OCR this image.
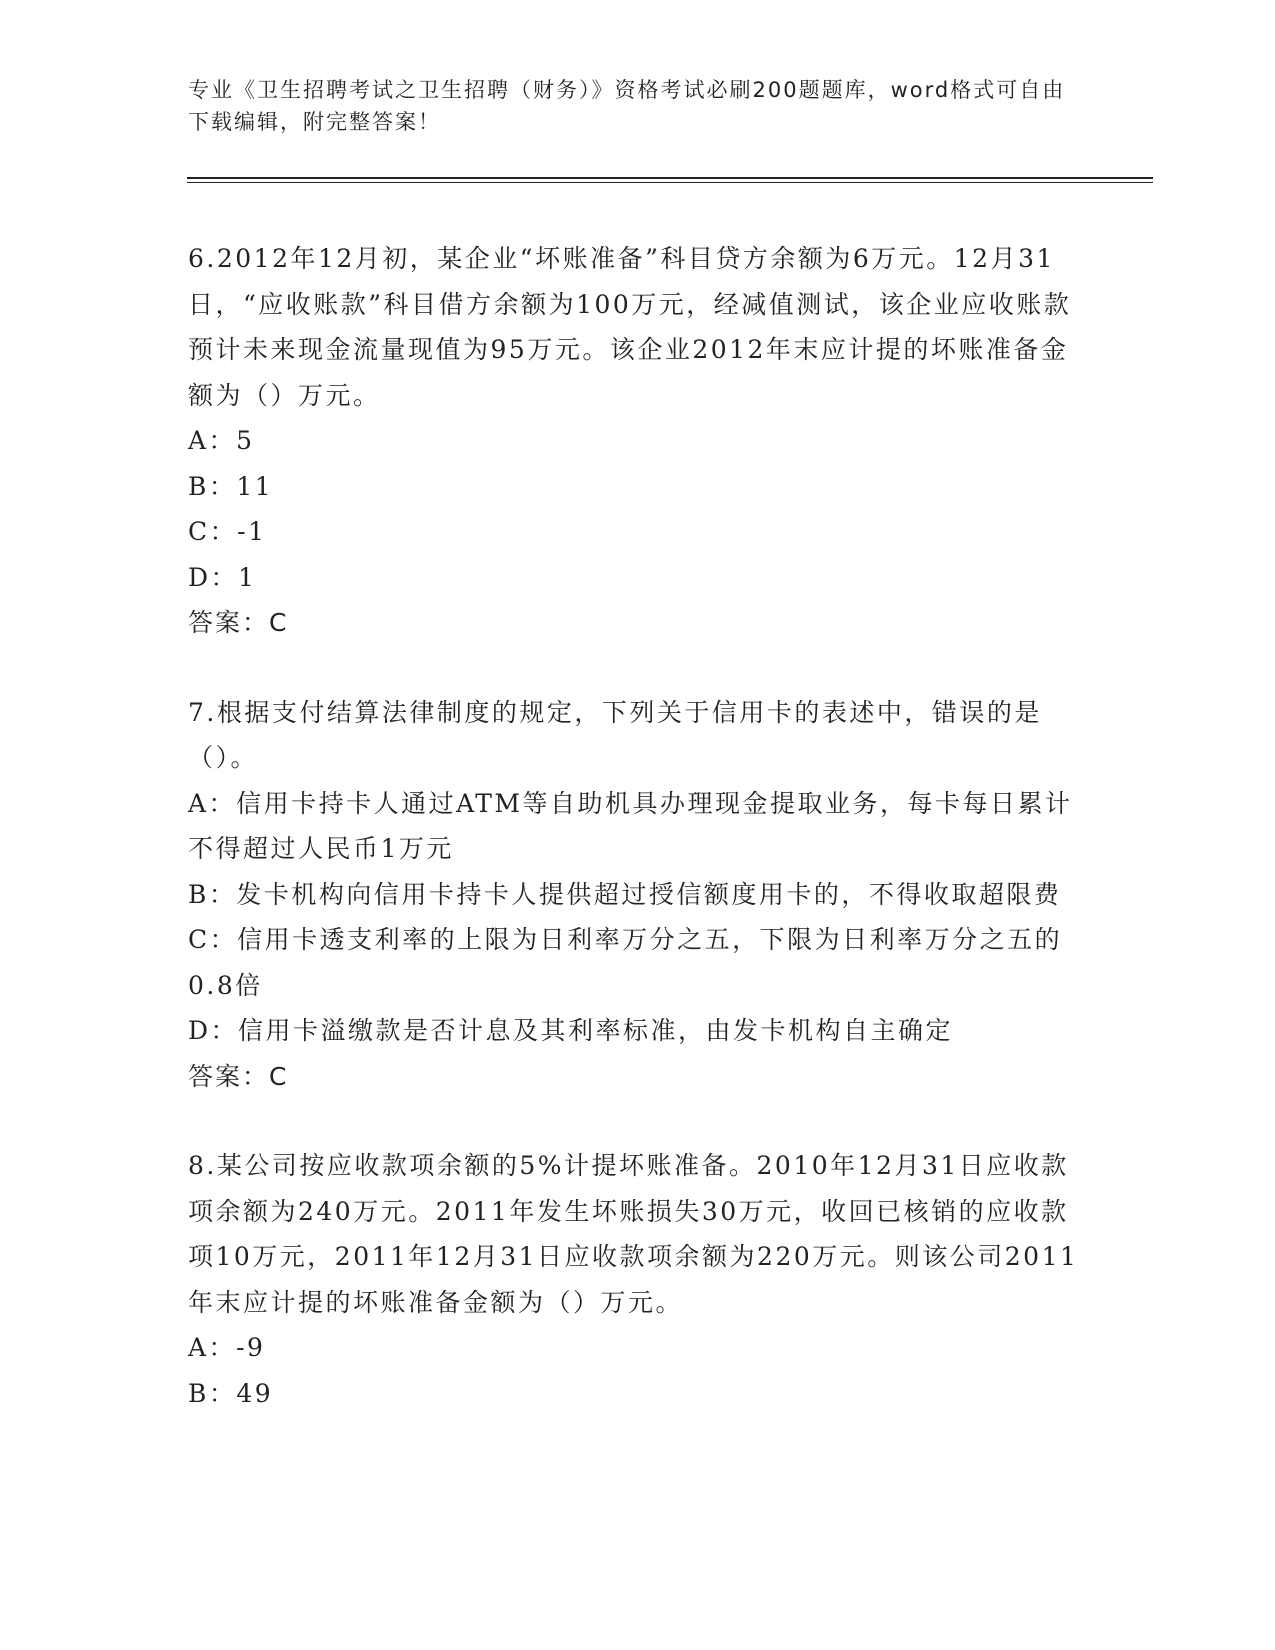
专业《卫生招聘考试之卫生招聘（财务）》资格考试必刷200题题库，word格式可自由下载编辑，附完整答案！

6.2012年12月初，某企业“坏账准备”科目贷方余额为6万元。12月31日，“应收账款”科目借方余额为100万元，经减值测试，该企业应收账款预计未来现金流量现值为95万元。该企业2012年末应计提的坏账准备金额为（）万元。

A：5

B：11

C：-1

D：1

答案：C

7.根据支付结算法律制度的规定，下列关于信用卡的表述中，错误的是（）。

A：信用卡持卡人通过ATM等自助机具办理现金提取业务，每卡每日累计不得超过人民币1万元

B：发卡机构向信用卡持卡人提供超过授信额度用卡的，不得收取超限费

C：信用卡透支利率的上限为日利率万分之五，下限为日利率万分之五的0.8倍

D：信用卡溢缴款是否计息及其利率标准，由发卡机构自主确定

答案：C

8.某公司按应收款项余额的5%计提坏账准备。2010年12月31日应收款项余额为240万元。2011年发生坏账损失30万元，收回已核销的应收款项10万元，2011年12月31日应收款项余额为220万元。则该公司2011年末应计提的坏账准备金额为（）万元。

A：-9

B：49
